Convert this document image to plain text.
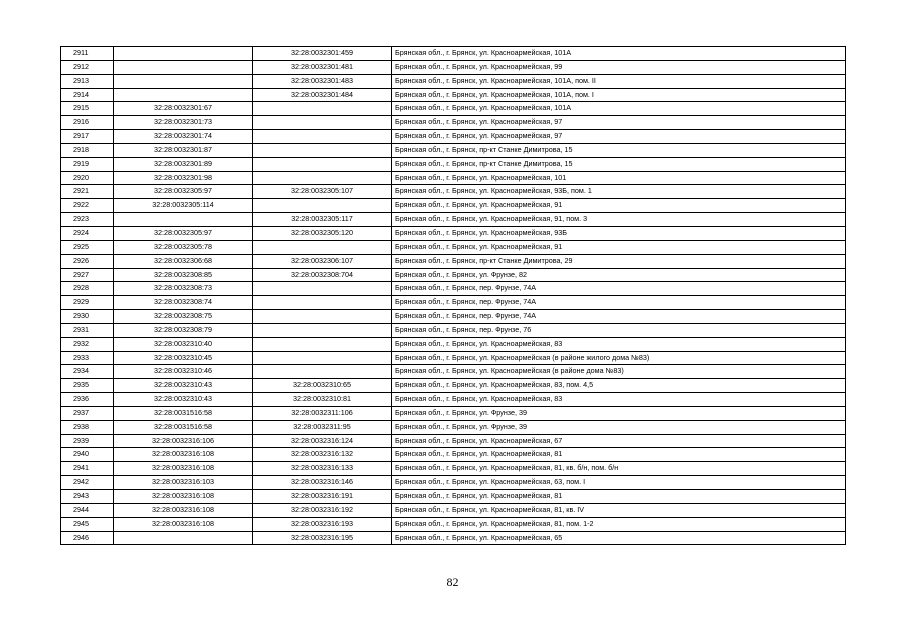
2911		32:28:0032301:459	Брянская обл., г. Брянск, ул. Красноармейская, 101А
2912		32:28:0032301:481	Брянская обл., г. Брянск, ул. Красноармейская, 99
2913		32:28:0032301:483	Брянская обл., г. Брянск, ул. Красноармейская, 101А, пом. II
2914		32:28:0032301:484	Брянская обл., г. Брянск, ул. Красноармейская, 101А, пом. I
2915	32:28:0032301:67		Брянская обл., г. Брянск, ул. Красноармейская, 101А
2916	32:28:0032301:73		Брянская обл., г. Брянск, ул. Красноармейская, 97
2917	32:28:0032301:74		Брянская обл., г. Брянск, ул. Красноармейская, 97
2918	32:28:0032301:87		Брянская обл., г. Брянск, пр-кт Станке Димитрова, 15
2919	32:28:0032301:89		Брянская обл., г. Брянск, пр-кт Станке Димитрова, 15
2920	32:28:0032301:98		Брянская обл., г. Брянск, ул. Красноармейская, 101
2921	32:28:0032305:97	32:28:0032305:107	Брянская обл., г. Брянск, ул. Красноармейская, 93Б, пом. 1
2922	32:28:0032305:114		Брянская обл., г. Брянск, ул. Красноармейская, 91
2923		32:28:0032305:117	Брянская обл., г. Брянск, ул. Красноармейская, 91, пом. 3
2924	32:28:0032305:97	32:28:0032305:120	Брянская обл., г. Брянск, ул. Красноармейская, 93Б
2925	32:28:0032305:78		Брянская обл., г. Брянск, ул. Красноармейская, 91
2926	32:28:0032306:68	32:28:0032306:107	Брянская обл., г. Брянск, пр-кт Станке Димитрова, 29
2927	32:28:0032308:85	32:28:0032308:704	Брянская обл., г. Брянск, ул. Фрунзе, 82
2928	32:28:0032308:73		Брянская обл., г. Брянск, пер. Фрунзе, 74А
2929	32:28:0032308:74		Брянская обл., г. Брянск, пер. Фрунзе, 74А
2930	32:28:0032308:75		Брянская обл., г. Брянск, пер. Фрунзе, 74А
2931	32:28:0032308:79		Брянская обл., г. Брянск, пер. Фрунзе, 76
2932	32:28:0032310:40		Брянская обл., г. Брянск, ул. Красноармейская, 83
2933	32:28:0032310:45		Брянская обл., г. Брянск, ул. Красноармейская (в районе жилого дома №83)
2934	32:28:0032310:46		Брянская обл., г. Брянск, ул. Красноармейская (в районе дома №83)
2935	32:28:0032310:43	32:28:0032310:65	Брянская обл., г. Брянск, ул. Красноармейская, 83, пом. 4,5
2936	32:28:0032310:43	32:28:0032310:81	Брянская обл., г. Брянск, ул. Красноармейская, 83
2937	32:28:0031516:58	32:28:0032311:106	Брянская обл., г. Брянск, ул. Фрунзе, 39
2938	32:28:0031516:58	32:28:0032311:95	Брянская обл., г. Брянск, ул. Фрунзе, 39
2939	32:28:0032316:106	32:28:0032316:124	Брянская обл., г. Брянск, ул. Красноармейская, 67
2940	32:28:0032316:108	32:28:0032316:132	Брянская обл., г. Брянск, ул. Красноармейская, 81
2941	32:28:0032316:108	32:28:0032316:133	Брянская обл., г. Брянск, ул. Красноармейская, 81, кв. б/н, пом. б/н
2942	32:28:0032316:103	32:28:0032316:146	Брянская обл., г. Брянск, ул. Красноармейская, 63, пом. I
2943	32:28:0032316:108	32:28:0032316:191	Брянская обл., г. Брянск, ул. Красноармейская, 81
2944	32:28:0032316:108	32:28:0032316:192	Брянская обл., г. Брянск, ул. Красноармейская, 81, кв. IV
2945	32:28:0032316:108	32:28:0032316:193	Брянская обл., г. Брянск, ул. Красноармейская, 81, пом. 1-2
2946		32:28:0032316:195	Брянская обл., г. Брянск, ул. Красноармейская, 65
82
